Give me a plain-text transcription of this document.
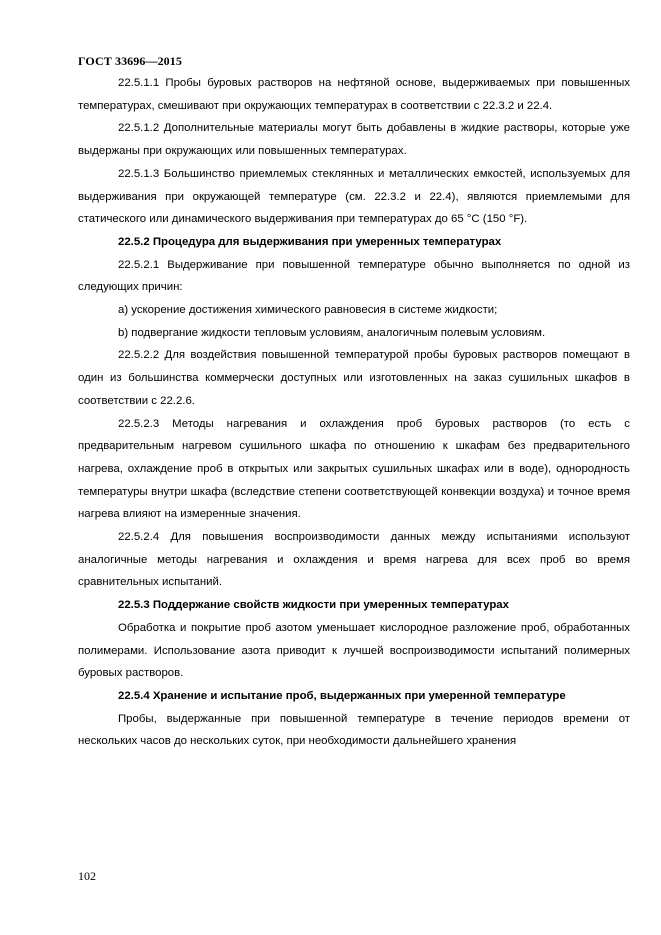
ГОСТ 33696—2015

22.5.1.1 Пробы буровых растворов на нефтяной основе, выдерживаемых при повышенных температурах, смешивают при окружающих температурах в соответствии с 22.3.2 и 22.4.

22.5.1.2 Дополнительные материалы могут быть добавлены в жидкие растворы, которые уже выдержаны при окружающих или повышенных температурах.

22.5.1.3 Большинство приемлемых стеклянных и металлических емкостей, используемых для выдерживания при окружающей температуре (см. 22.3.2 и 22.4), являются приемлемыми для статического или динамического выдерживания при температурах до 65 °С (150 °F).

22.5.2 Процедура для выдерживания при умеренных температурах

22.5.2.1 Выдерживание при повышенной температуре обычно выполняется по одной из следующих причин:

а) ускорение достижения химического равновесия в системе жидкости;

b) подвергание жидкости тепловым условиям, аналогичным полевым условиям.

22.5.2.2 Для воздействия повышенной температурой пробы буровых растворов помещают в один из большинства коммерчески доступных или изготовленных на заказ сушильных шкафов в соответствии с 22.2.6.

22.5.2.3 Методы нагревания и охлаждения проб буровых растворов (то есть с предварительным нагревом сушильного шкафа по отношению к шкафам без предварительного нагрева, охлаждение проб в открытых или закрытых сушильных шкафах или в воде), однородность температуры внутри шкафа (вследствие степени соответствующей конвекции воздуха) и точное время нагрева влияют на измеренные значения.

22.5.2.4 Для повышения воспроизводимости данных между испытаниями используют аналогичные методы нагревания и охлаждения и время нагрева для всех проб во время сравнительных испытаний.

22.5.3 Поддержание свойств жидкости при умеренных температурах

Обработка и покрытие проб азотом уменьшает кислородное разложение проб, обработанных полимерами. Использование азота приводит к лучшей воспроизводимости испытаний полимерных буровых растворов.

22.5.4 Хранение и испытание проб, выдержанных при умеренной температуре

Пробы, выдержанные при повышенной температуре в течение периодов времени от нескольких часов до нескольких суток, при необходимости дальнейшего хранения

102
